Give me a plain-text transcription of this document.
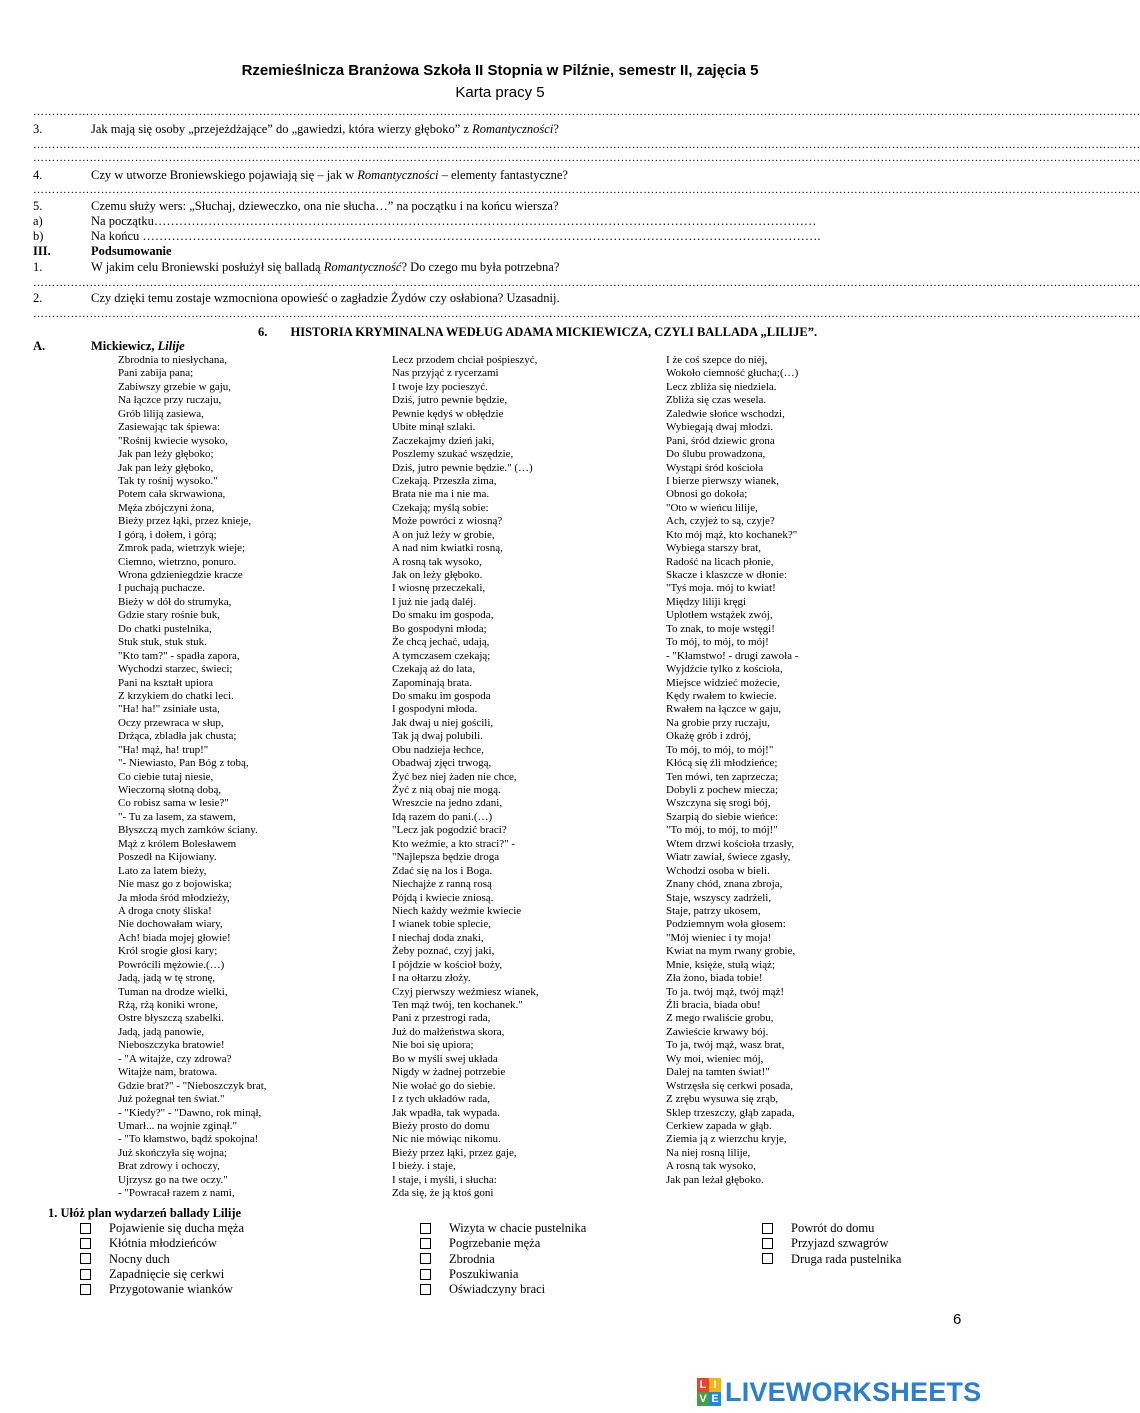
Rzemieślnicza Branżowa Szkoła II Stopnia w Pilźnie, semestr II, zajęcia 5
Karta pracy 5
……………………………………………………………………………………………………………………………………………………………………………………………………………………………………………………………………
3.	Jak mają się osoby „przejeżdżające” do „gawiedzi, która wierzy głęboko” z Romantyczności?
……………………………………………………………………………………………………………………………………………………………………………………………………………………………………………………………………
……………………………………………………………………………………………………………………………………………………………………………………………………………………………………………………………………
4.	Czy w utworze Broniewskiego pojawiają się – jak w Romantyczności – elementy fantastyczne?
……………………………………………………………………………………………………………………………………………………………………………………………………………………………………………………………………
5.	Czemu służy wers: „Słuchaj, dzieweczko, ona nie słucha…” na początku i na końcu wiersza?
a)	Na początku……………………………………………………………………………………………………………………………………………
b)	Na końcu ……………………………………………………………………………………………………………………………………………….
III.	Podsumowanie
1.	W jakim celu Broniewski posłużył się balladą Romantyczność? Do czego mu była potrzebna?
……………………………………………………………………………………………………………………………………………………………………………………………………………………………………………………………………
2.	Czy dzięki temu zostaje wzmocniona opowieść o zagładzie Żydów czy osłabiona? Uzasadnij.
……………………………………………………………………………………………………………………………………………………………………………………………………………………………………………………………………
6. HISTORIA KRYMINALNA WEDŁUG ADAMA MICKIEWICZA, CZYLI BALLADA „LILIJE”.
A.	Mickiewicz, Lilije
Zbrodnia to niesłychana,
Pani zabija pana;
Zabiwszy grzebie w gaju,
Na łączce przy ruczaju,
Grób liliją zasiewa,
Zasiewając tak śpiewa:
"Rośnij kwiecie wysoko,
Jak pan leży głęboko;
Jak pan leży głęboko,
Tak ty rośnij wysoko."
Potem cała skrwawiona,
Męża zbójczyni żona,
Bieży przez łąki, przez knieje,
I górą, i dołem, i górą;
Zmrok pada, wietrzyk wieje;
Ciemno, wietrzno, ponuro.
Wrona gdzieniegdzie kracze
I puchają puchacze.
Bieży w dół do strumyka,
Gdzie stary rośnie buk,
Do chatki pustelnika,
Stuk stuk, stuk stuk.
"Kto tam?" - spadła zapora,
Wychodzi starzec, świeci;
Pani na kształt upiora
Z krzykiem do chatki leci.
"Ha! ha!" zsiniałe usta,
Oczy przewraca w słup,
Drżąca, zbladła jak chusta;
"Ha! mąż, ha! trup!"
"- Niewiasto, Pan Bóg z tobą,
Co ciebie tutaj niesie,
Wieczorną słotną dobą,
Co robisz sama w lesie?"
"- Tu za lasem, za stawem,
Błyszczą mych zamków ściany.
Mąż z królem Bolesławem
Poszedł na Kijowiany.
Lato za latem bieży,
Nie masz go z bojowiska;
Ja młoda śród młodzieży,
A droga cnoty śliska!
Nie dochowałam wiary,
Ach! biada mojej głowie!
Król srogie głosi kary;
Powrócili mężowie.(…)
Jadą, jadą w tę stronę,
Tuman na drodze wielki,
Rżą, rżą koniki wrone,
Ostre błyszczą szabelki.
Jadą, jadą panowie,
Nieboszczyka bratowie!
- "A witajże, czy zdrowa?
Witajże nam, bratowa.
Gdzie brat?" - "Nieboszczyk brat,
Już pożegnał ten świat."
- "Kiedy?" - "Dawno, rok minął,
Umarł... na wojnie zginął."
- "To kłamstwo, bądź spokojna!
Już skończyła się wojna;
Brat zdrowy i ochoczy,
Ujrzysz go na twe oczy."
- "Powracał razem z nami,
Lecz przodem chciał pośpieszyć,
Nas przyjąć z rycerzami
I twoje łzy pocieszyć.
Dziś, jutro pewnie będzie,
Pewnie kędyś w obłędzie
Ubite minął szlaki.
Zaczekajmy dzień jaki,
Poszlemy szukać wszędzie,
Dziś, jutro pewnie będzie." (…)
Czekają. Przeszła zima,
Brata nie ma i nie ma.
Czekają; myślą sobie:
Może powróci z wiosną?
A on już leży w grobie,
A nad nim kwiatki rosną,
A rosną tak wysoko,
Jak on leży głęboko.
I wiosnę przeczekali,
I już nie jadą daléj.
Do smaku im gospoda,
Bo gospodyni młoda;
Że chcą jechać, udają,
A tymczasem czekają;
Czekają aż do lata,
Zapominają brata.
Do smaku im gospoda
I gospodyni młoda.
Jak dwaj u niej gościli,
Tak ją dwaj polubili.
Obu nadzieja łechce,
Obadwaj zjęci trwogą,
Żyć bez niej żaden nie chce,
Żyć z nią obaj nie mogą.
Wreszcie na jedno zdani,
Idą razem do pani.(…)
"Lecz jak pogodzić braci?
Kto weźmie, a kto straci?" -
"Najlepsza będzie droga
Zdać się na los i Boga.
Niechajże z ranną rosą
Pójdą i kwiecie zniosą.
Niech każdy weźmie kwiecie
I wianek tobie splecie,
I niechaj doda znaki,
Żeby poznać, czyj jaki,
I pójdzie w kościoł boży,
I na ołtarzu złoży.
Czyj pierwszy weźmiesz wianek,
Ten mąż twój, ten kochanek."
Pani z przestrogi rada,
Już do małżeństwa skora,
Nie boi się upiora;
Bo w myśli swej układa
Nigdy w żadnej potrzebie
Nie wołać go do siebie.
I z tych układów rada,
Jak wpadła, tak wypada.
Bieży prosto do domu
Nic nie mówiąc nikomu.
Bieży przez łąki, przez gaje,
I bieży. i staje,
I staje, i myśli, i słucha:
Zda się, że ją ktoś goni
I że coś szepce do niéj,
Wokoło ciemność głucha;(…)
Lecz zbliża się niedziela.
Zbliża się czas wesela.
Zaledwie słońce wschodzi,
Wybiegają dwaj młodzi.
Pani, śród dziewic grona
Do ślubu prowadzona,
Wystąpi śród kościoła
I bierze pierwszy wianek,
Obnosi go dokoła;
"Oto w wieńcu lilije,
Ach, czyjeż to są, czyje?
Kto mój mąż, kto kochanek?"
Wybiega starszy brat,
Radość na licach płonie,
Skacze i klaszcze w dłonie:
"Tyś moja. mój to kwiat!
Między liliji kręgi
Uplotłem wstążek zwój,
To znak, to moje wstęgi!
To mój, to mój, to mój!
- "Kłamstwo! - drugi zawoła -
Wyjdźcie tylko z kościoła,
Miejsce widzieć możecie,
Kędy rwałem to kwiecie.
Rwałem na łączce w gaju,
Na grobie przy ruczaju,
Okażę grób i zdrój,
To mój, to mój, to mój!"
Kłócą się źli młodzieńce;
Ten mówi, ten zaprzecza;
Dobyli z pochew miecza;
Wszczyna się srogi bój,
Szarpią do siebie wieńce:
"To mój, to mój, to mój!"
Wtem drzwi kościoła trzasły,
Wiatr zawiał, świece zgasły,
Wchodzi osoba w bieli.
Znany chód, znana zbroja,
Staje, wszyscy zadrżeli,
Staje, patrzy ukosem,
Podziemnym woła głosem:
"Mój wieniec i ty moja!
Kwiat na mym rwany grobie,
Mnie, księże, stułą wiąż;
Zła żono, biada tobie!
To ja. twój mąż, twój mąż!
Źli bracia, biada obu!
Z mego rwaliście grobu,
Zawieście krwawy bój.
To ja, twój mąż, wasz brat,
Wy moi, wieniec mój,
Dalej na tamten świat!"
Wstrzęsła się cerkwi posada,
Z zrębu wysuwa się zrąb,
Sklep trzeszczy, głąb zapada,
Cerkiew zapada w głąb.
Ziemia ją z wierzchu kryje,
Na niej rosną lilije,
A rosną tak wysoko,
Jak pan leżał głęboko.
1. Ułóż plan wydarzeń ballady Lilije
Pojawienie się ducha męża
Kłótnia młodzieńców
Nocny duch
Zapadnięcie się cerkwi
Przygotowanie wianków
Wizyta w chacie pustelnika
Pogrzebanie męża
Zbrodnia
Poszukiwania
Oświadczyny braci
Powrót do domu
Przyjazd szwagrów
Druga rada pustelnika
6
L I
V E LIVEWORKSHEETS
